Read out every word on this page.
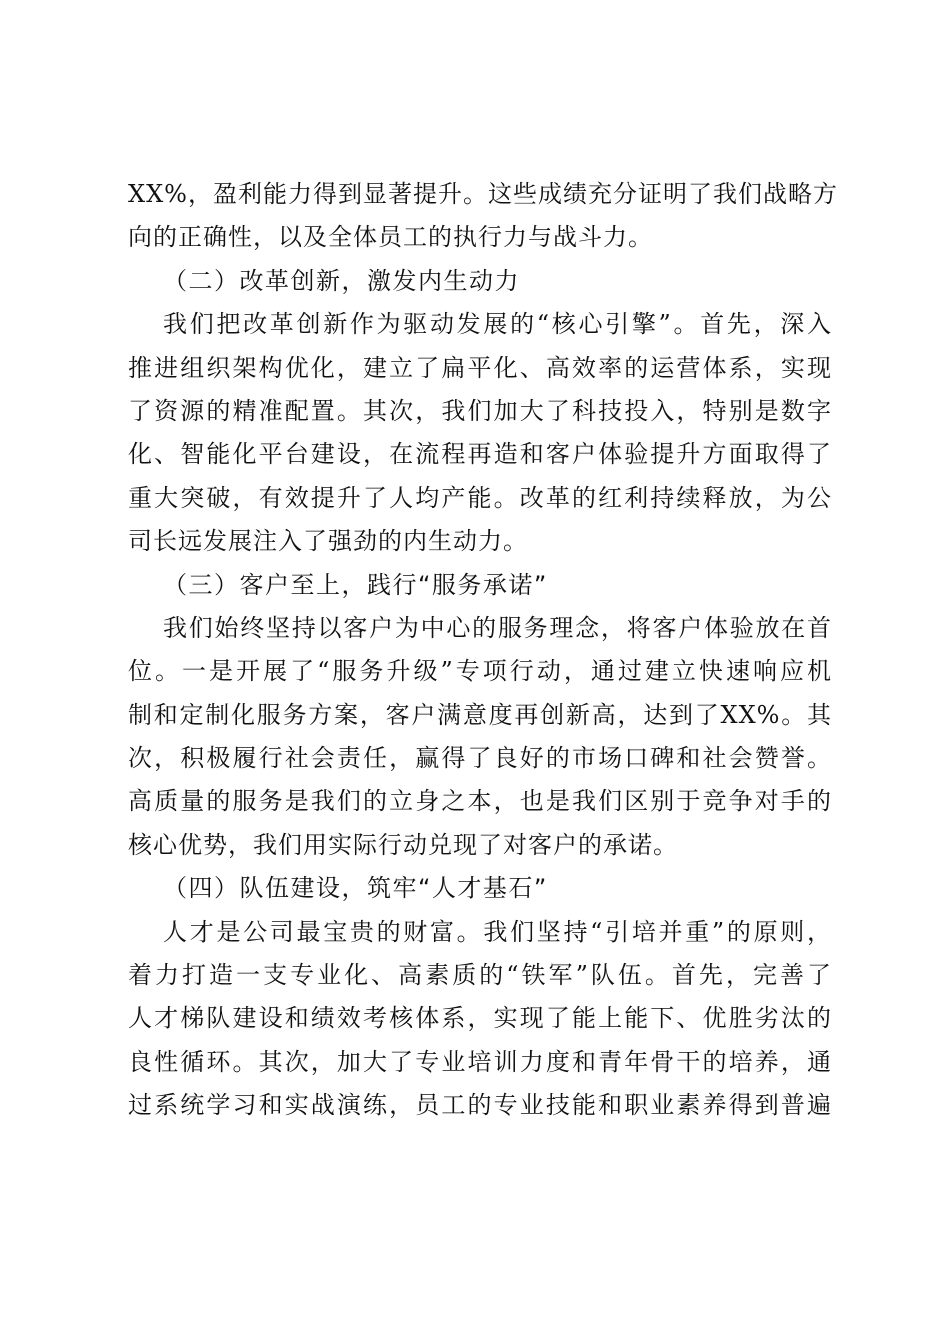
XX%，盈利能力得到显著提升。这些成绩充分证明了我们战略方
向的正确性，以及全体员工的执行力与战斗力。
（二）改革创新，激发内生动力
我们把改革创新作为驱动发展的“核心引擎”。首先，深入
推进组织架构优化，建立了扁平化、高效率的运营体系，实现
了资源的精准配置。其次，我们加大了科技投入，特别是数字
化、智能化平台建设，在流程再造和客户体验提升方面取得了
重大突破，有效提升了人均产能。改革的红利持续释放，为公
司长远发展注入了强劲的内生动力。
（三）客户至上，践行“服务承诺”
我们始终坚持以客户为中心的服务理念，将客户体验放在首
位。一是开展了“服务升级”专项行动，通过建立快速响应机
制和定制化服务方案，客户满意度再创新高，达到了XX%。其
次，积极履行社会责任，赢得了良好的市场口碑和社会赞誉。
高质量的服务是我们的立身之本，也是我们区别于竞争对手的
核心优势，我们用实际行动兑现了对客户的承诺。
（四）队伍建设，筑牢“人才基石”
人才是公司最宝贵的财富。我们坚持“引培并重”的原则，
着力打造一支专业化、高素质的“铁军”队伍。首先，完善了
人才梯队建设和绩效考核体系，实现了能上能下、优胜劣汰的
良性循环。其次，加大了专业培训力度和青年骨干的培养，通
过系统学习和实战演练，员工的专业技能和职业素养得到普遍
